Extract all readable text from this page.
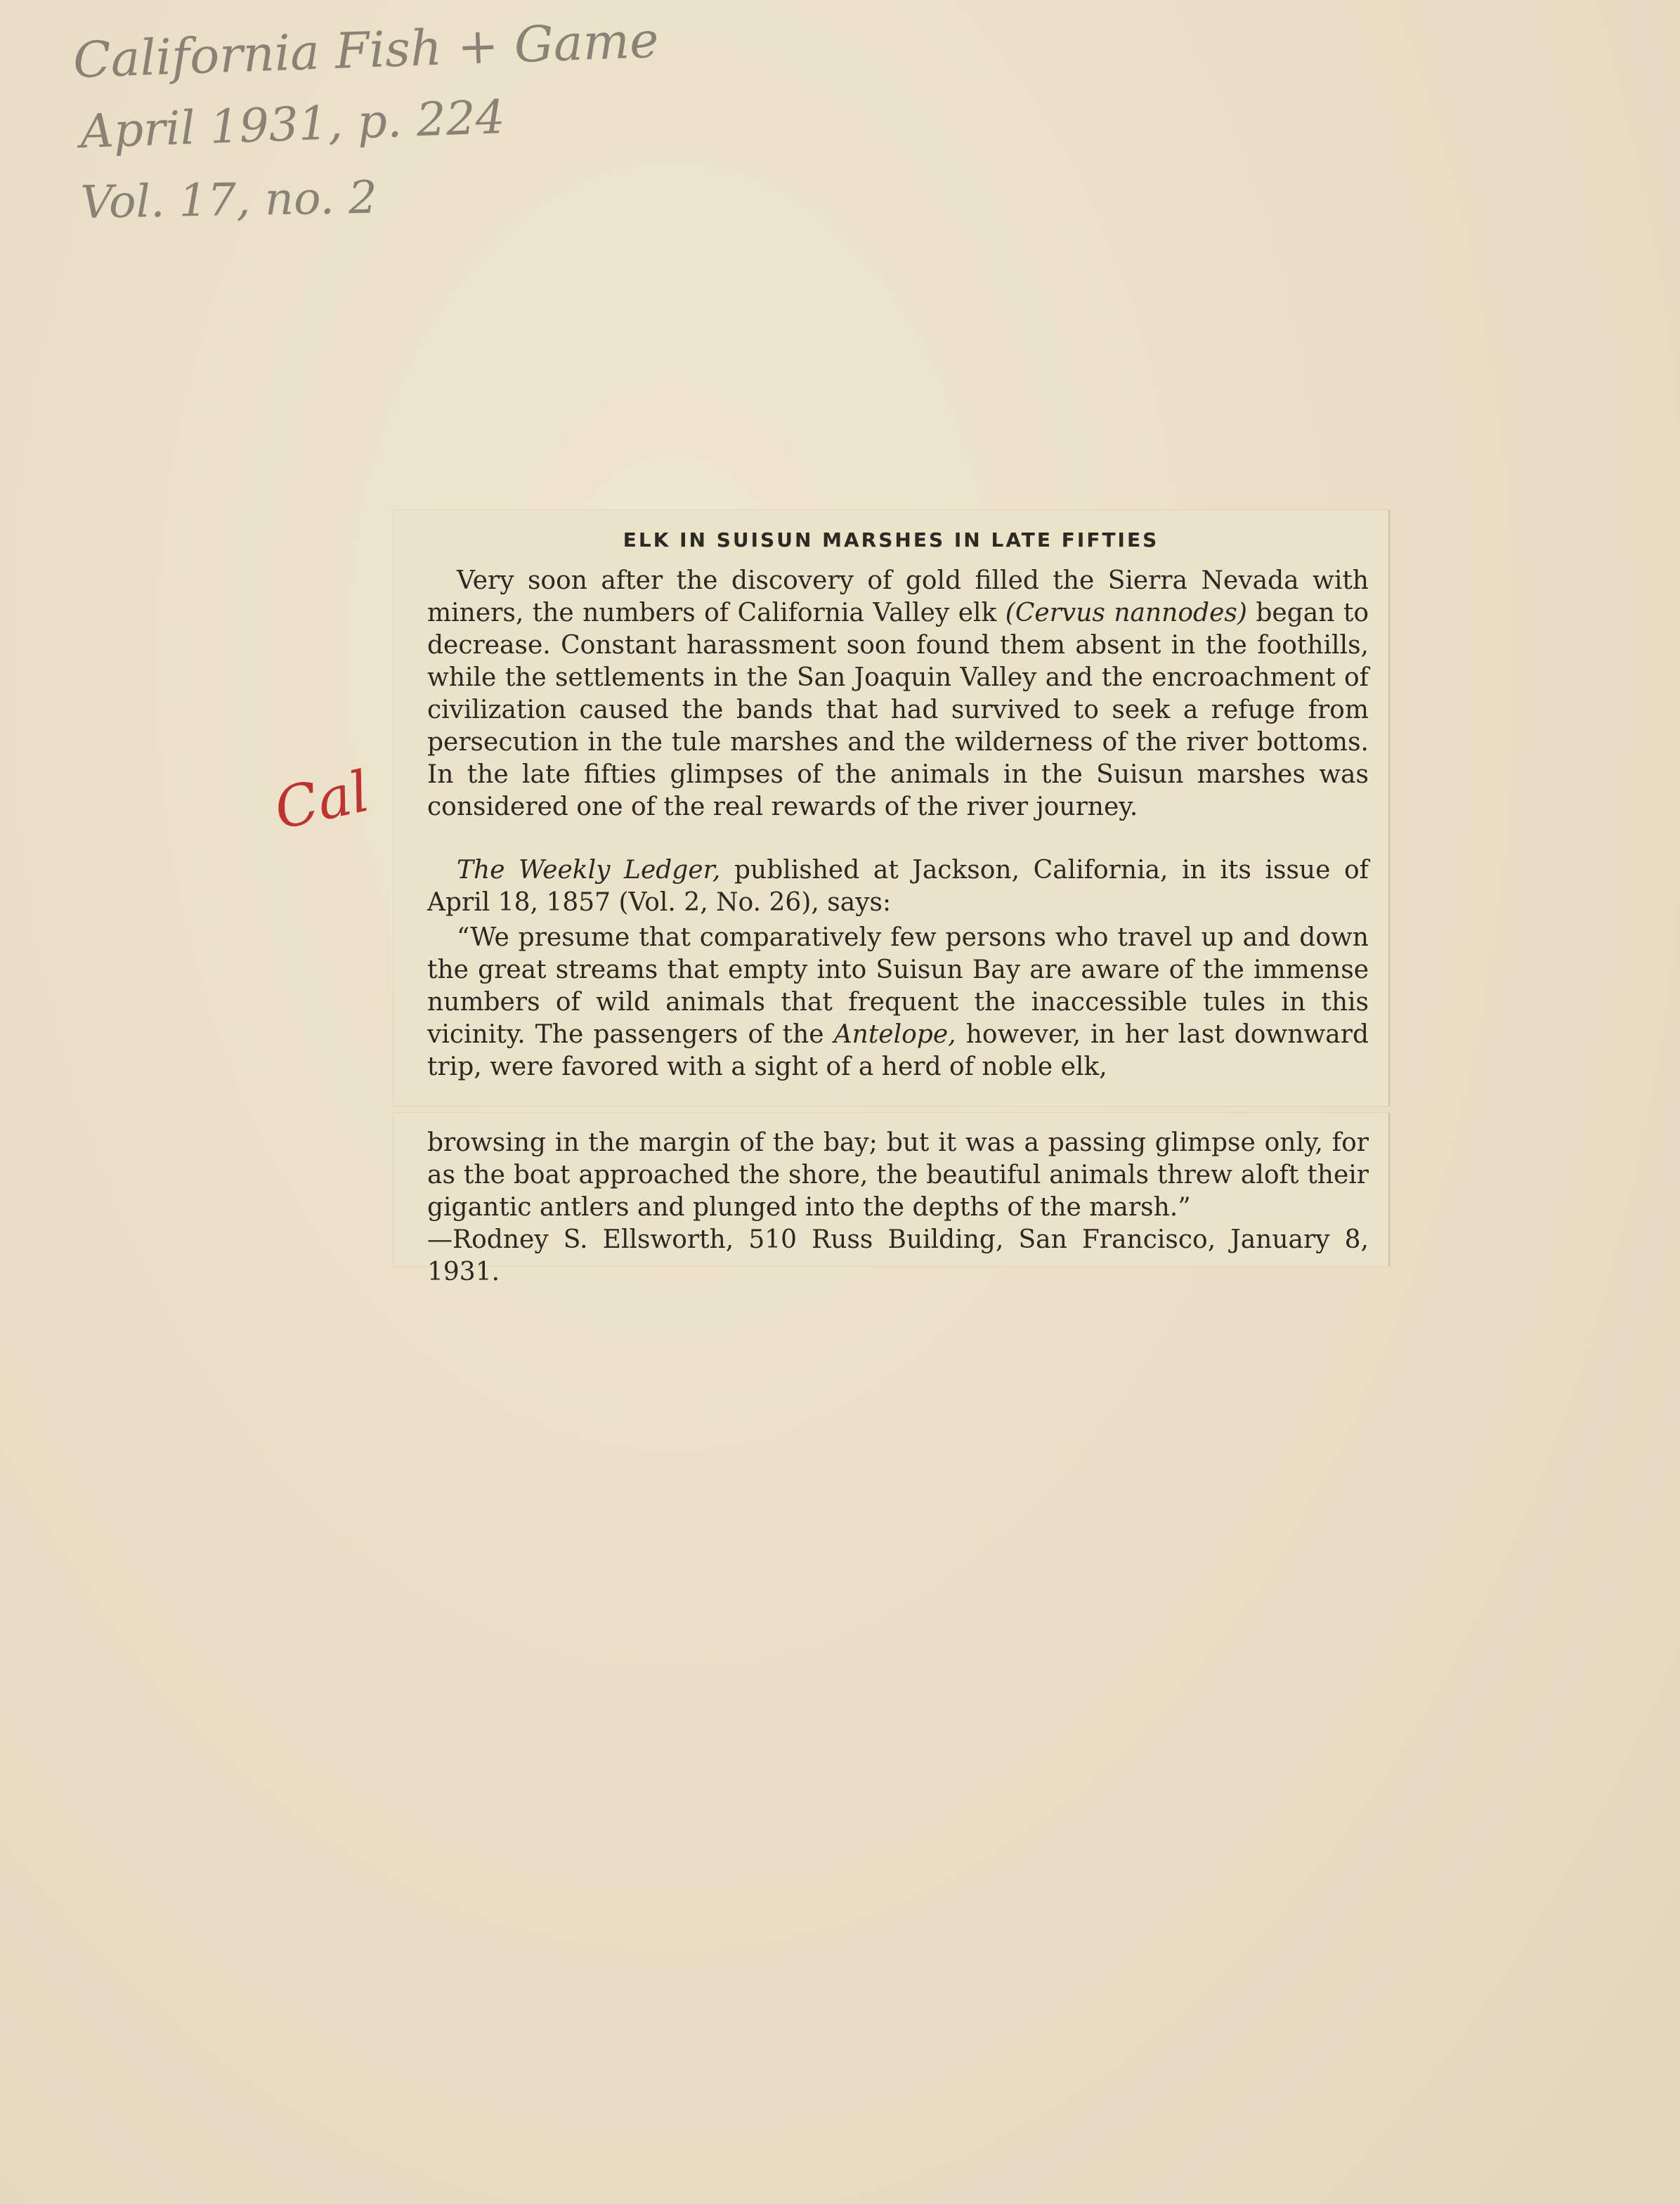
California Fish + Game
April 1931, p. 224
Vol. 17, no. 2
Cal
ELK IN SUISUN MARSHES IN LATE FIFTIES

Very soon after the discovery of gold filled the Sierra Nevada with miners, the numbers of California Valley elk (Cervus nannodes) began to decrease. Constant harassment soon found them absent in the foothills, while the settlements in the San Joaquin Valley and the encroachment of civilization caused the bands that had survived to seek a refuge from persecution in the tule marshes and the wilderness of the river bottoms. In the late fifties glimpses of the animals in the Suisun marshes was considered one of the real rewards of the river journey.

The Weekly Ledger, published at Jackson, California, in its issue of April 18, 1857 (Vol. 2, No. 26), says:

“We presume that comparatively few persons who travel up and down the great streams that empty into Suisun Bay are aware of the immense numbers of wild animals that frequent the inaccessible tules in this vicinity. The passengers of the Antelope, however, in her last downward trip, were favored with a sight of a herd of noble elk,

browsing in the margin of the bay; but it was a passing glimpse only, for as the boat approached the shore, the beautiful animals threw aloft their gigantic antlers and plunged into the depths of the marsh.”
—Rodney S. Ellsworth, 510 Russ Building, San Francisco, January 8, 1931.
